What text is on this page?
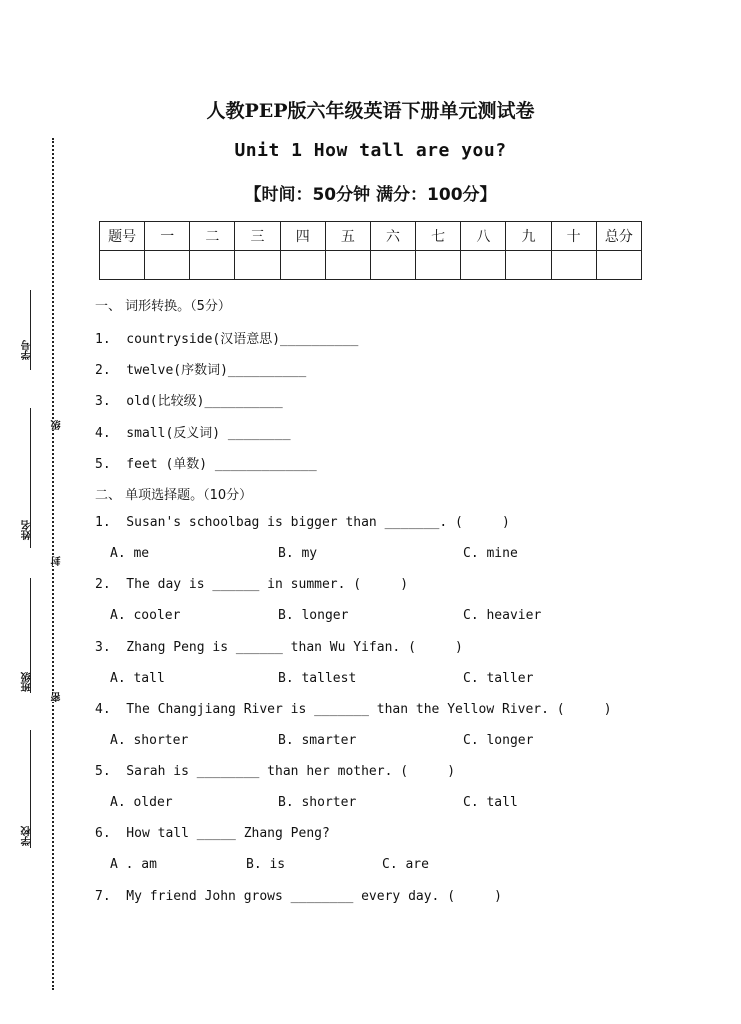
学号
姓名
班级
学校
级
封
密
人教PEP版六年级英语下册单元测试卷
Unit 1 How tall are you?
【时间：50分钟 满分：100分】
题号	一	二	三	四	五	六	七	八	九	十	总分

一、 词形转换。（5分）
1.  countryside(汉语意思)__________
2.  twelve(序数词)__________
3.  old(比较级)__________
4.  small(反义词) ________
5.  feet (单数) _____________
二、 单项选择题。（10分）
1.  Susan's schoolbag is bigger than _______. (     )
A. me	B. my	C. mine
2.  The day is ______ in summer. (     )
A. cooler	B. longer	C. heavier
3.  Zhang Peng is ______ than Wu Yifan. (     )
A. tall	B. tallest	C. taller
4.  The Changjiang River is _______ than the Yellow River. (     )
A. shorter	B. smarter	C. longer
5.  Sarah is ________ than her mother. (     )
A. older	B. shorter	C. tall
6.  How tall _____ Zhang Peng?
A . am	B. is	C. are
7.  My friend John grows ________ every day. (     )
